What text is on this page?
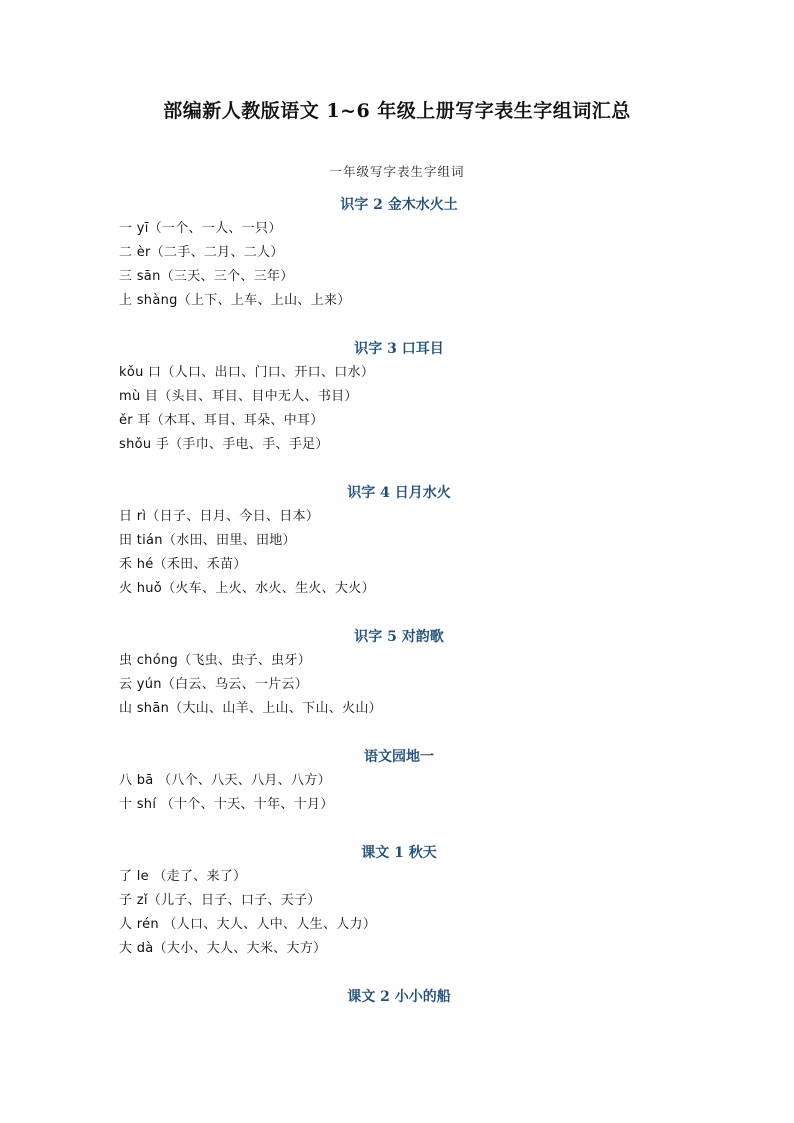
部编新人教版语文 1~6 年级上册写字表生字组词汇总
一年级写字表生字组词
识字 2 金木水火土
一 yī（一个、一人、一只）
二 èr（二手、二月、二人）
三 sān（三天、三个、三年）
上 shàng（上下、上车、上山、上来）
识字 3 口耳目
kǒu 口（人口、出口、门口、开口、口水）
mù 目（头目、耳目、目中无人、书目）
ěr 耳（木耳、耳目、耳朵、中耳）
shǒu 手（手巾、手电、手、手足）
识字 4 日月水火
日 rì（日子、日月、今日、日本）
田 tián（水田、田里、田地）
禾 hé（禾田、禾苗）
火 huǒ（火车、上火、水火、生火、大火）
识字 5 对韵歌
虫 chóng（飞虫、虫子、虫牙）
云 yún（白云、乌云、一片云）
山 shān（大山、山羊、上山、下山、火山）
语文园地一
八 bā （八个、八天、八月、八方）
十 shí （十个、十天、十年、十月）
课文 1 秋天
了 le （走了、来了）
子 zǐ（儿子、日子、口子、天子）
人 rén （人口、大人、人中、人生、人力）
大 dà（大小、大人、大米、大方）
课文 2 小小的船
